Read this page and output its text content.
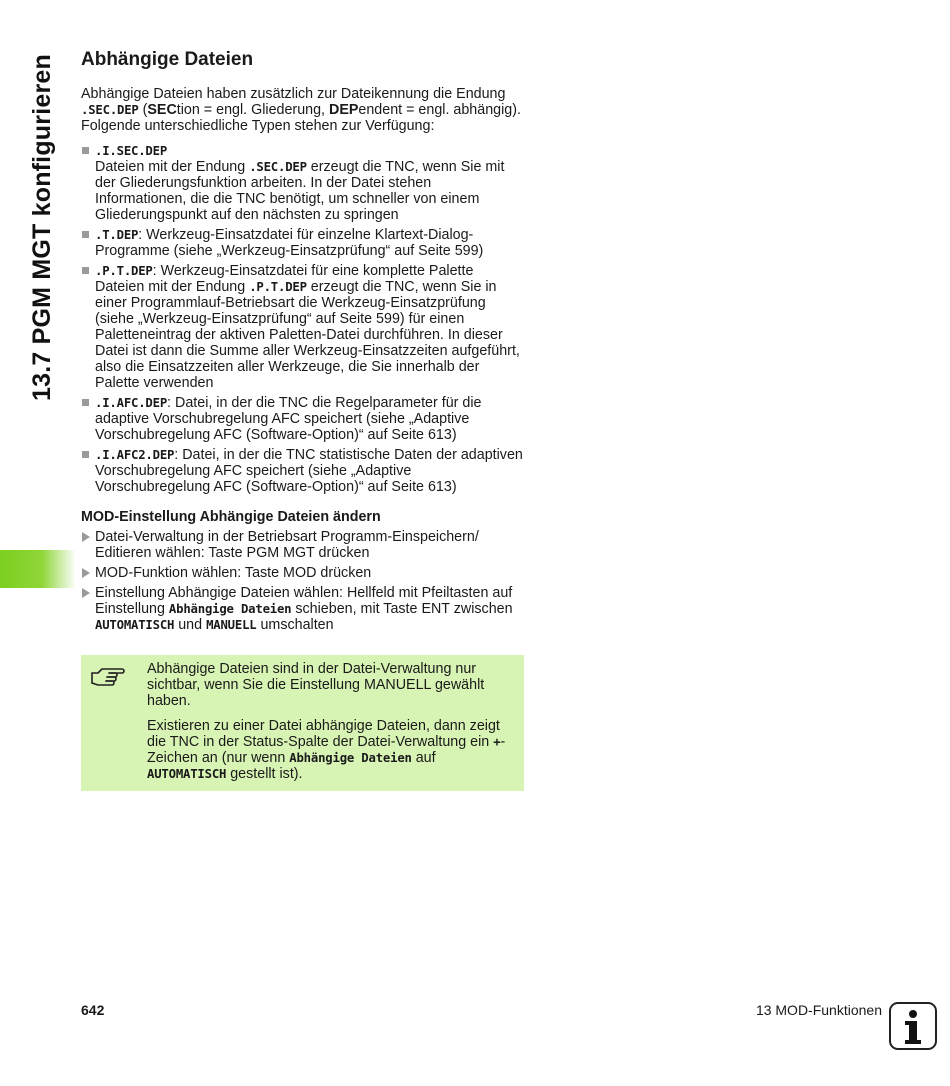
13.7 PGM MGT konfigurieren Abhängige Dateien

Abhängige Dateien haben zusätzlich zur Dateikennung die Endung .SEC.DEP (SECtion = engl. Gliederung, DEPendent = engl. abhängig). Folgende unterschiedliche Typen stehen zur Verfügung:

.I.SEC.DEP
Dateien mit der Endung .SEC.DEP erzeugt die TNC, wenn Sie mit der Gliederungsfunktion arbeiten. In der Datei stehen Informationen, die die TNC benötigt, um schneller von einem Gliederungspunkt auf den nächsten zu springen
.T.DEP: Werkzeug-Einsatzdatei für einzelne Klartext-Dialog-Programme (siehe „Werkzeug-Einsatzprüfung“ auf Seite 599)
.P.T.DEP: Werkzeug-Einsatzdatei für eine komplette Palette
Dateien mit der Endung .P.T.DEP erzeugt die TNC, wenn Sie in einer Programmlauf-Betriebsart die Werkzeug-Einsatzprüfung (siehe „Werkzeug-Einsatzprüfung“ auf Seite 599) für einen Paletteneintrag der aktiven Paletten-Datei durchführen. In dieser Datei ist dann die Summe aller Werkzeug-Einsatzzeiten aufgeführt, also die Einsatzzeiten aller Werkzeuge, die Sie innerhalb der Palette verwenden
.I.AFC.DEP: Datei, in der die TNC die Regelparameter für die adaptive Vorschubregelung AFC speichert (siehe „Adaptive Vorschubregelung AFC (Software-Option)“ auf Seite 613)
.I.AFC2.DEP: Datei, in der die TNC statistische Daten der adaptiven Vorschubregelung AFC speichert (siehe „Adaptive Vorschubregelung AFC (Software-Option)“ auf Seite 613)
MOD-Einstellung Abhängige Dateien ändern
Datei-Verwaltung in der Betriebsart Programm-Einspeichern/ Editieren wählen: Taste PGM MGT drücken
MOD-Funktion wählen: Taste MOD drücken
Einstellung Abhängige Dateien wählen: Hellfeld mit Pfeiltasten auf Einstellung Abhängige Dateien schieben, mit Taste ENT zwischen AUTOMATISCH und MANUELL umschalten

Abhängige Dateien sind in der Datei-Verwaltung nur sichtbar, wenn Sie die Einstellung MANUELL gewählt haben.

Existieren zu einer Datei abhängige Dateien, dann zeigt die TNC in der Status-Spalte der Datei-Verwaltung ein +-Zeichen an (nur wenn Abhängige Dateien auf AUTOMATISCH gestellt ist).

642	13 MOD-Funktionen
